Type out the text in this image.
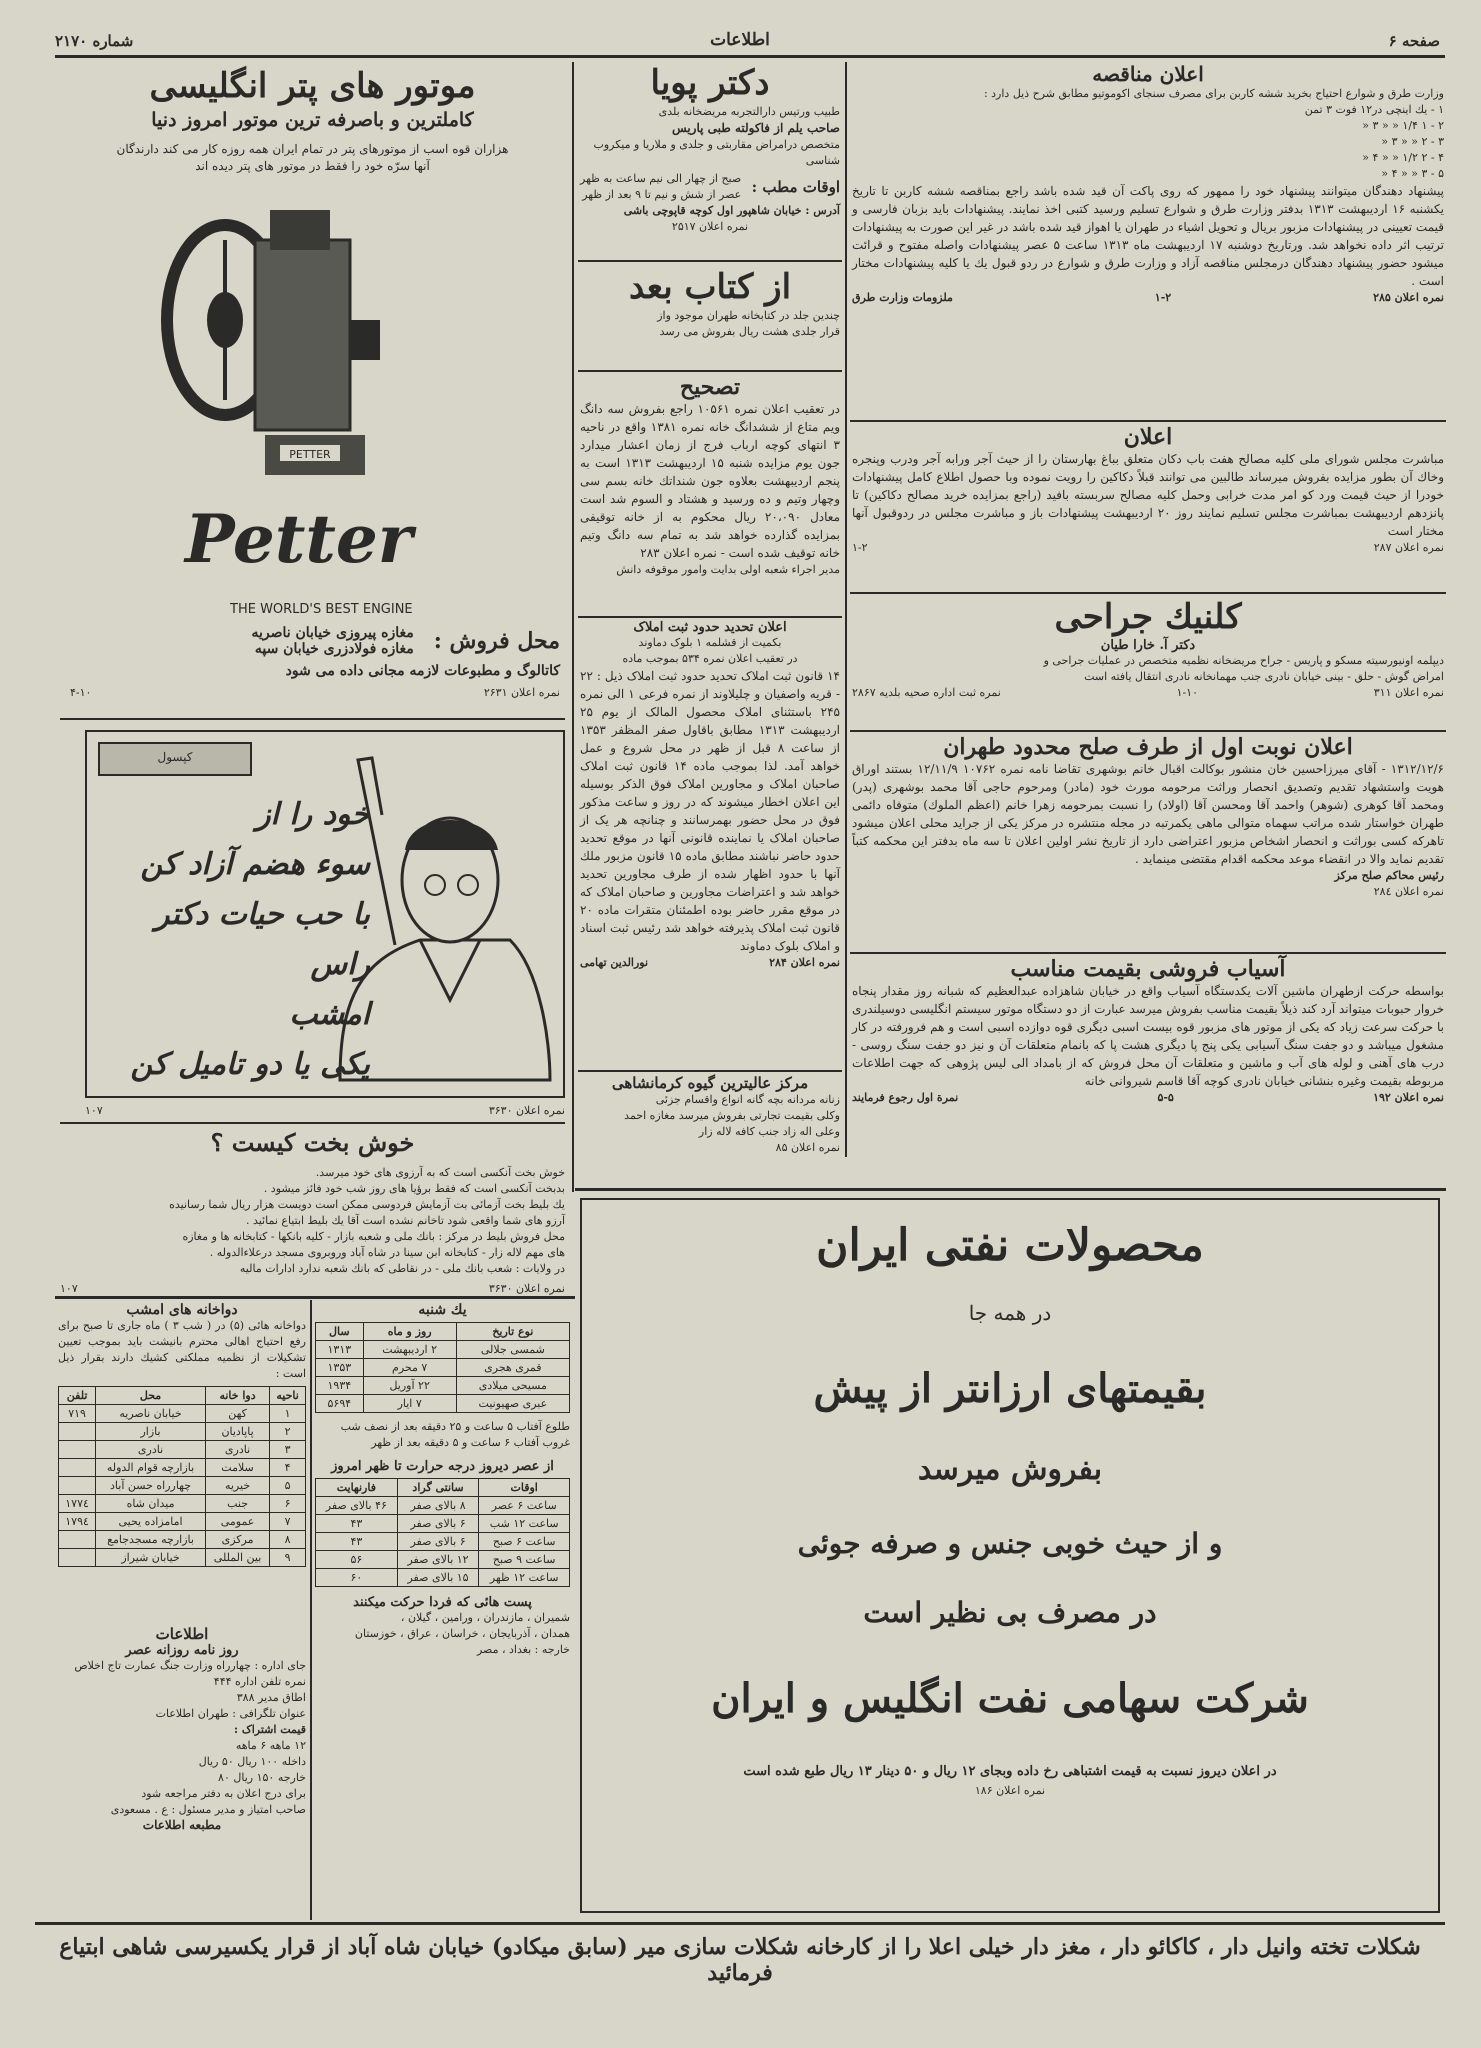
صفحه ۶
اطلاعات
شماره ۲۱۷۰
موتور های پتر انگلیسی
کاملترین و باصرفه ترین موتور امروز دنیا
هزاران قوه اسب از موتورهای پتر در تمام ایران همه روزه کار می کند دارندگان
آنها سرّه خود را فقط در موتور های پتر دیده اند
PETTER
Petter
THE WORLD'S BEST ENGINE
محل فروش :
مغازه پیروزی خیابان ناصریه
مغازه فولادزری خیابان سپه
کاتالوگ و مطبوعات لازمه مجانی داده می شود
نمره اعلان ۲۶۳۱
۴-۱۰
کپسول
خود را از
سوء هضم آزاد کن
با حب حیات دکتر راس
امشب
یکی یا دو تامیل کن
نمره اعلان ۳۶۳۰
۱۰۷
خوش بخت کیست ؟
خوش بخت آنکسی است که به آرزوی های خود میرسد.
بدبخت آنکسی است که فقط برؤیا های روز شب خود فائز میشود .
یك بلیط بخت آزمائی بت آزمایش فردوسی ممکن است دویست هزار ریال شما رسانیده
آرزو های شما واقعی شود تاخانم نشده است آقا یك بلیط ابتیاع نمائید .
محل فروش بلیط در مرکز : بانك ملی و شعبه بازار - کلیه بانکها - کتابخانه ها و مغازه
های مهم لاله زار - کتابخانه ابن سینا در شاه آباد وروبروی مسجد درعلاءالدوله .
در ولایات : شعب بانك ملی - در نقاطی که بانك شعبه ندارد ادارات مالیه
نمره اعلان ۳۶۳۰
۱۰۷
دواخانه های امشب
دواخانه هائی (۵) در ( شب ۳ ) ماه جاری تا صبح برای رفع احتیاج اهالی محترم بانیشت باید بموجب تعیین تشکیلات از نظمیه مملکتی کشیك دارند بقرار ذیل است :
ناحیه	دوا خانه	محل	تلفن
۱	کهن	خیابان ناصریه	۷۱۹
۲	پاپادیان	بازار	
۳	نادری	نادری	
۴	سلامت	بازارچه قوام الدوله	
۵	خیریه	چهارراه حسن آباد	
۶	جنب	میدان شاه	۱۷۷٤
۷	عمومی	امامزاده یحیی	۱۷۹٤
۸	مرکزی	بازارچه مسجدجامع	
۹	بین المللی	خیابان شیراز	
اطلاعات
روز نامه روزانه عصر
جای اداره : چهارراه وزارت جنگ عمارت تاج اخلاص
نمره تلفن اداره ۴۴۴
اطاق مدیر ۳۸۸
عنوان تلگرافی : طهران اطلاعات
قیمت اشتراک :
۱۲ ماهه ۶ ماهه
داخله ۱۰۰ ریال ۵۰ ریال
خارجه ۱۵۰ ریال ۸۰
برای درج اعلان به دفتر مراجعه شود
صاحب امتیاز و مدیر مسئول : ع . مسعودی
مطبعه اطلاعات
یك شنبه
نوع تاریخ	روز و ماه	سال
شمسی جلالی	۲ اردیبهشت	۱۳۱۳
قمری هجری	۷ محرم	۱۳۵۳
مسیحی میلادی	۲۲ آوریل	۱۹۳۴
عبری صهیونیت	۷ ایار	۵۶۹۴
طلوع آفتاب ۵ ساعت و ۲۵ دقیقه بعد از نصف شب
غروب آفتاب ۶ ساعت و ۵ دقیقه بعد از ظهر
از عصر دیروز درجه حرارت تا ظهر امروز
اوقات	سانتی گراد	فارنهایت
ساعت ۶ عصر	۸ بالای صفر	۴۶ بالای صفر
ساعت ۱۲ شب	۶ بالای صفر	۴۳
ساعت ۶ صبح	۶ بالای صفر	۴۳
ساعت ۹ صبح	۱۲ بالای صفر	۵۶
ساعت ۱۲ ظهر	۱۵ بالای صفر	۶۰
پست هائی که فردا حرکت میکنند
شمیران ، مازندران ، ورامین ، گیلان ،
همدان ، آذربایجان ، خراسان ، عراق ، خوزستان
خارجه : بغداد ، مصر
دکتر پویا
طبیب ورتیس دارالتجربه مریضخانه بلدی
صاحب یلم از فاکولته طبی پاریس
متخصص درامراض مقاربتی و جلدی و ملاریا و میکروب شناسی
اوقات مطب :
صبح از چهار الی نیم ساعت به ظهر
عصر از شش و نیم تا ۹ بعد از ظهر
آدرس : خیابان شاهپور اول کوچه قاپوچی باشی
نمره اعلان ۲۵۱۷
از کتاب بعد
چندین جلد در کتابخانه طهران موجود واز
قرار جلدی هشت ریال بفروش می رسد
تصحیح
در تعقیب اعلان نمره ۱۰۵۶۱ راجع بفروش سه دانگ ویم متاع از ششدانگ خانه نمره ۱۳۸۱ واقع در ناحیه ۳ انتهای کوچه ارباب فرج از زمان اعشار میدارد جون یوم مزایده شنبه ۱۵ اردیبهشت ۱۳۱۳ است به پنجم اردیبهشت بعلاوه جون شنداتك خانه بسم سی وچهار وتیم و ده ورسید و هشتاد و السوم شد است معادل ۲۰،۰۹۰ ریال محکوم به از خانه توقیفی بمزایده گذارده خواهد شد به تمام سه دانگ وتیم خانه توقیف شده است - نمره اعلان ۲۸۳
مدیر اجراء شعبه اولی بدایت وامور موقوفه دانش
اعلان تحدید حدود ثبت املاک
بکمیت از قشلمه ۱ بلوک دماوند
در تعقیب اعلان نمره ۵۳۴ بموجب ماده
۱۴ قانون ثبت املاک تحدید حدود ثبت املاک ذیل : ۲۲ - قریه واصفیان و چلیلاوند از نمره فرعی ۱ الی نمره ۲۴۵ باستثنای املاک محصول المالک از یوم ۲۵ اردیبهشت ۱۳۱۳ مطابق باقاول صفر المظفر ۱۳۵۳ از ساعت ۸ قبل از ظهر در محل شروع و عمل خواهد آمد. لذا بموجب ماده ۱۴ قانون ثبت املاک صاحبان املاک و مجاورین املاک فوق الذکر بوسیله این اعلان اخطار میشوند که در روز و ساعت مذکور فوق در محل حضور بهمرسانند و چنانچه هر یک از صاحبان املاک یا نماینده قانونی آنها در موقع تحدید حدود حاضر نباشند مطابق ماده ۱۵ قانون مزبور ملك آنها با حدود اظهار شده از طرف مجاورین تحدید خواهد شد و اعتراضات مجاورین و صاحبان املاک که در موقع مقرر حاضر بوده اطمئنان متقرات ماده ۲۰ قانون ثبت املاک پذیرفته خواهد شد رئیس ثبت اسناد و املاک بلوک دماوند
نمره اعلان ۲۸۴
نورالدین تهامی
مرکز عالیترین گیوه کرمانشاهی
زنانه مردانه بچه گانه انواع واقسام جزئی
وکلی بقیمت تجارتی بفروش میرسد مغازه احمد
وعلی اله زاد جنب کافه لاله زار
نمره اعلان ۸۵
اعلان مناقصه
وزارت طرق و شوارع احتیاج بخرید ششه کاربن برای مصرف سنجای اکوموتیو مطابق شرح ذیل دارد :
۱ - یك اینچی در۱۲ فوت ۳ تمن
۲ - ۱ ۱/۴ « « ۳ «
۳ - ۲ « « ۳ «
۴ - ۲ ۱/۲ « « ۴ «
۵ - ۳ « « ۴ «
پیشنهاد دهندگان میتوانند پیشنهاد خود را ممهور که روی پاکت آن قید شده باشد راجع بمناقصه ششه کاربن تا تاریخ یکشنبه ۱۶ اردیبهشت ۱۳۱۳ بدفتر وزارت طرق و شوارع تسلیم ورسید کتبی اخذ نمایند. پیشنهادات باید بزبان فارسی و قیمت تعیینی در پیشنهادات مزبور بریال و تحویل اشیاء در طهران یا اهواز قید شده باشد در غیر این صورت به پیشنهادات ترتیب اثر داده نخواهد شد. ورتاریخ دوشنبه ۱۷ اردیبهشت ماه ۱۳۱۳ ساعت ۵ عصر پیشنهادات واصله مفتوح و قرائت میشود حضور پیشنهاد دهندگان درمجلس مناقصه آزاد و وزارت طرق و شوارع در ردو قبول یك یا کلیه پیشنهادات مختار است .
نمره اعلان ۲۸۵
۱-۲
ملزومات وزارت طرق
اعلان
مباشرت مجلس شورای ملی کلیه مصالح هفت باب دکان متعلق بباغ بهارستان را از حیث آجر ورابه آجر ودرب وپنجره وخاك آن بطور مزایده بفروش میرساند طالبین می توانند قبلاً دکاکین را رویت نموده وبا حصول اطلاع کامل پیشنهادات خودرا از حیث قیمت ورد کو امر مدت خرابی وحمل کلیه مصالح سربسته بافید (راجع بمزایده خرید مصالح دکاکین) تا پانزدهم اردیبهشت بمباشرت مجلس تسلیم نمایند روز ۲۰ اردیبهشت پیشنهادات باز و مباشرت مجلس در ردوقبول آنها مختار است
نمره اعلان ۲۸۷
۱-۲
کلنیك جراحی
دکتر آ. خارا طیان
دیپلمه اونیورسیته مسکو و پاریس - جراح مریضخانه نظمیه متخصص در عملیات جراحی و
امراض گوش - حلق - بینی خیابان نادری جنب مهمانخانه نادری انتقال یافته است
نمره اعلان ۳۱۱
۱-۱۰
نمره ثبت اداره صحیه بلدیه ۲۸۶۷
اعلان نوبت اول از طرف صلح محدود طهران
۱۳۱۲/۱۲/۶ - آقای میرزاحسین خان منشور بوکالت اقبال خانم بوشهری تقاضا نامه نمره ۱۰۷۶۲ ۱۲/۱۱/۹ بستند اوراق هویت واستشهاد تقدیم وتصدیق انحصار وراثت مرحومه مورث خود (مادر) ومرحوم حاجی آقا محمد بوشهری (پدر) ومحمد آقا کوهری (شوهر) واحمد آقا ومحسن آقا (اولاد) را نسبت بمرحومه زهرا خانم (اعظم الملوك) متوفاه دائمی طهران خواستار شده مراتب سهماه متوالی ماهی یکمرتبه در مجله منتشره در مرکز یکی از جراید محلی اعلان میشود تاهرکه کسی بوراثت و انحصار اشخاص مزبور اعتراضی دارد از تاریخ نشر اولین اعلان تا سه ماه بدفتر این محکمه کتباً تقدیم نماید والا در انقضاء موعد محکمه اقدام مقتضی مینماید .
رئیس محاکم صلح مرکز
نمره اعلان ۲۸٤
آسیاب فروشی بقیمت مناسب
بواسطه حرکت ازطهران ماشین آلات یکدستگاه آسیاب واقع در خیابان شاهزاده عبدالعظیم که شبانه روز مقدار پنجاه خروار حبوبات میتواند آرد کند ذیلاً بقیمت مناسب بفروش میرسد عبارت از دو دستگاه موتور سیستم انگلیسی دوسیلندری با حرکت سرعت زیاد که یکی از موتور های مزبور قوه بیست اسبی دیگری قوه دوازده اسبی است و هم فرورفته در کار مشغول میباشد و دو جفت سنگ آسیابی یکی پنج پا دیگری هشت پا که بانمام متعلقات آن و نیز دو جفت سنگ روسی - درب های آهنی و لوله های آب و ماشین و متعلقات آن محل فروش که از بامداد الی لیس پژوهی که جهت اطلاعات مربوطه بقیمت وغیره بنشانی خیابان نادری کوچه آقا قاسم شیروانی خانه
نمره اعلان ۱۹۲
۵-۵
نمرة اول رجوع فرمایند
محصولات نفتی ایران
در همه جا
بقیمتهای ارزانتر از پیش
بفروش میرسد
و از حیث خوبی جنس و صرفه جوئی
در مصرف بی نظیر است
شرکت سهامی نفت انگلیس و ایران
در اعلان دیروز نسبت به قیمت اشتباهی رخ داده وبجای ۱۲ ریال و ۵۰ دینار ۱۳ ریال طبع شده است
نمره اعلان ۱۸۶
شکلات تخته وانیل دار ، کاکائو دار ، مغز دار خیلی اعلا را از کارخانه شکلات سازی میر (سابق میکادو) خیابان شاه آباد از قرار یکسیرسی شاهی ابتیاع فرمائید
